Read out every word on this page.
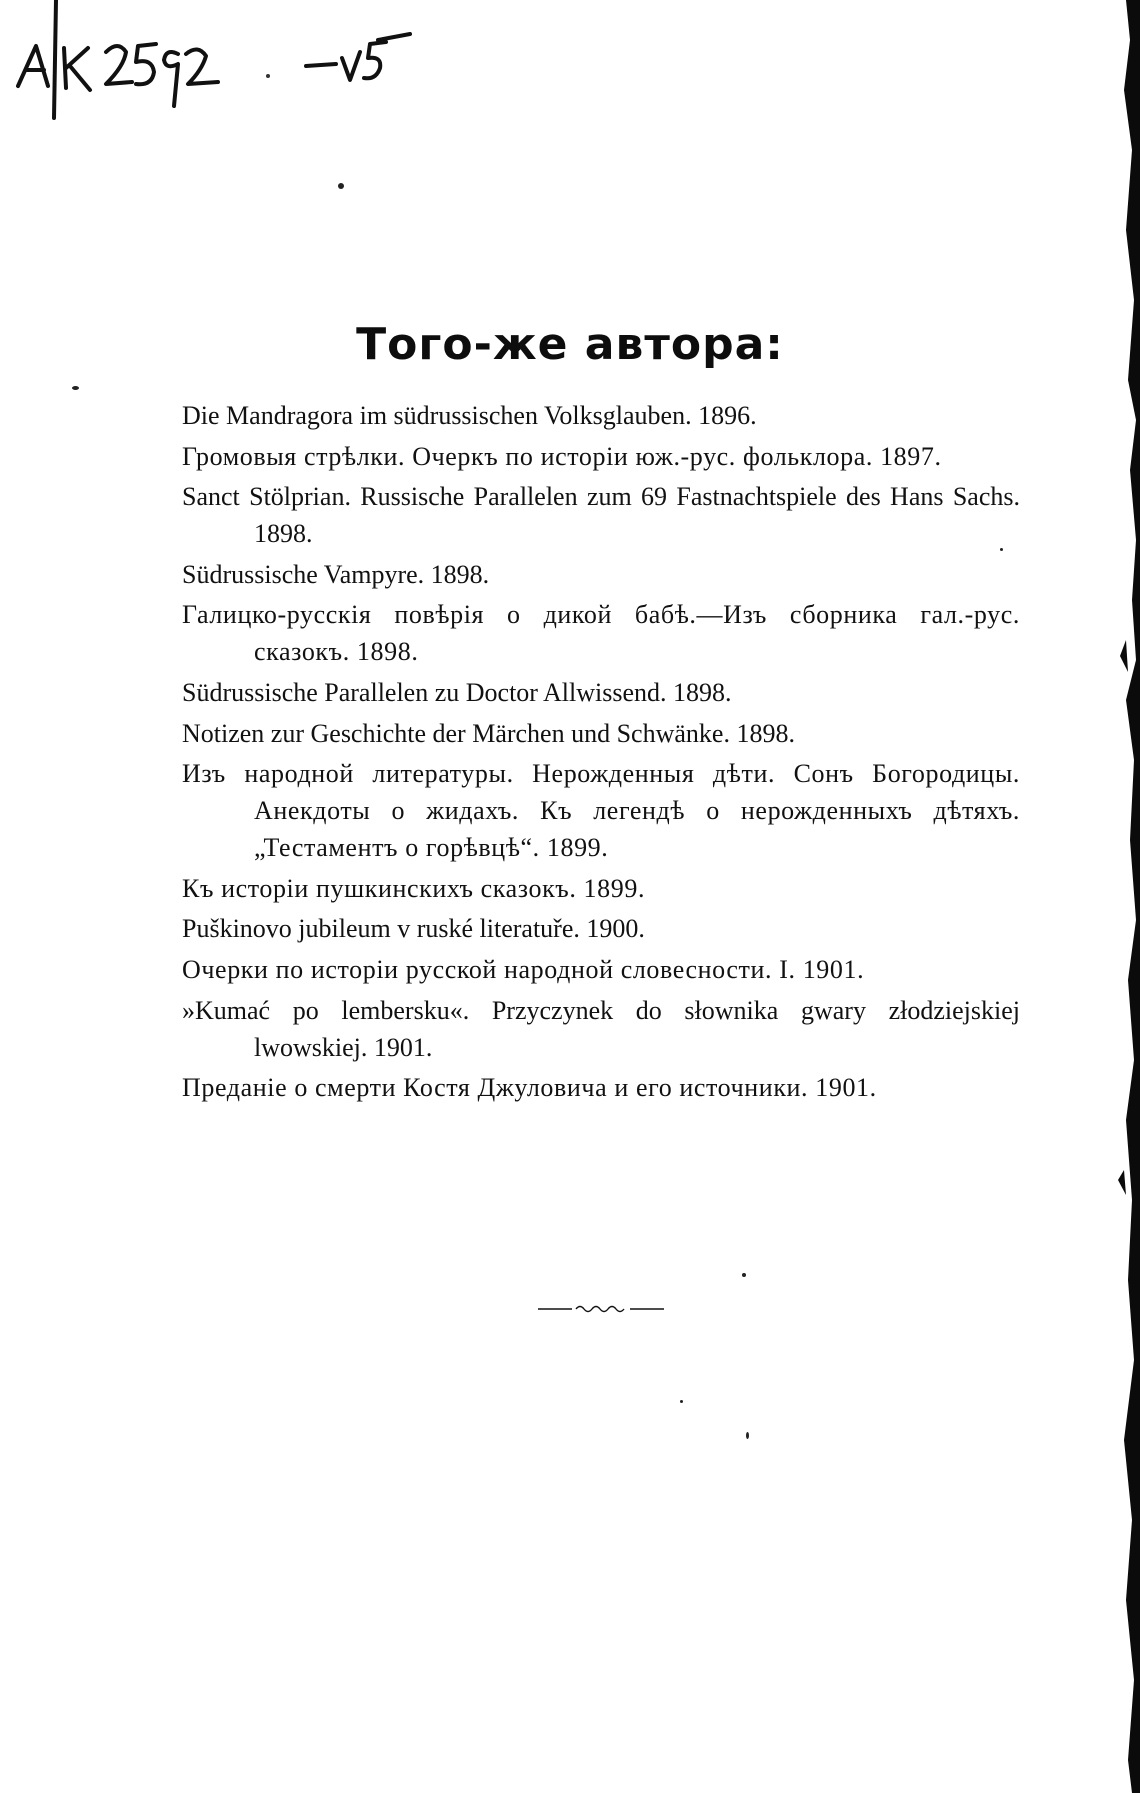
Того-же автора:
Die Mandragora im südrussischen Volksglauben. 1896.
Громовыя стрѣлки. Очеркъ по исторіи юж.-рус. фольклора. 1897.
Sanct Stölprian. Russische Parallelen zum 69 Fastnachtspiele des Hans Sachs. 1898.
Südrussische Vampyre. 1898.
Галицко-русскія повѣрія о дикой бабѣ.—Изъ сборника гал.-рус. сказокъ. 1898.
Südrussische Parallelen zu Doctor Allwissend. 1898.
Notizen zur Geschichte der Märchen und Schwänke. 1898.
Изъ народной литературы. Нерожденныя дѣти. Сонъ Богородицы. Анекдоты о жидахъ. Къ легендѣ о нерожденныхъ дѣтяхъ. „Тестаментъ о горѣвцѣ“. 1899.
Къ исторіи пушкинскихъ сказокъ. 1899.
Puškinovo jubileum v ruské literatuře. 1900.
Очерки по исторіи русской народной словесности. I. 1901.
»Kumać po lembersku«. Przyczynek do słownika gwary złodziejskiej lwowskiej. 1901.
Преданіе о смерти Костя Джуловича и его источники. 1901.
